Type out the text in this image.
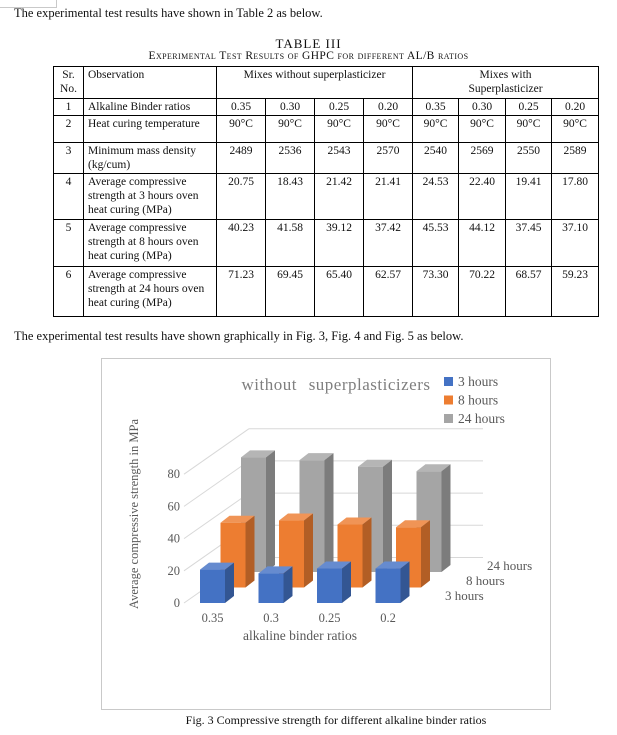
The experimental test results have shown in Table 2 as below.
TABLE III
Experimental Test Results of GHPC for different AL/B ratios
Sr.
No.	Observation	Mixes without superplasticizer				Mixes with
Superplasticizer			
1	Alkaline Binder ratios	0.35	0.30	0.25	0.20	0.35	0.30	0.25	0.20
2	Heat curing temperature	90°C	90°C	90°C	90°C	90°C	90°C	90°C	90°C
3	Minimum mass density (kg/cum)	2489	2536	2543	2570	2540	2569	2550	2589
4	Average compressive strength at 3 hours oven heat curing (MPa)	20.75	18.43	21.42	21.41	24.53	22.40	19.41	17.80
5	Average compressive strength at 8 hours oven heat curing (MPa)	40.23	41.58	39.12	37.42	45.53	44.12	37.45	37.10
6	Average compressive strength at 24 hours oven heat curing (MPa)	71.23	69.45	65.40	62.57	73.30	70.22	68.57	59.23
The experimental test results have shown graphically in Fig. 3, Fig. 4 and Fig. 5 as below.
0
20
40
60
80
0.35	0.3	0.25	0.2
alkaline binder ratios
Average compressive strength in MPa	3 hours
8 hours
24 hours
without superplasticizers 3 hours
8 hours
24 hours
Fig. 3 Compressive strength for different alkaline binder ratios
